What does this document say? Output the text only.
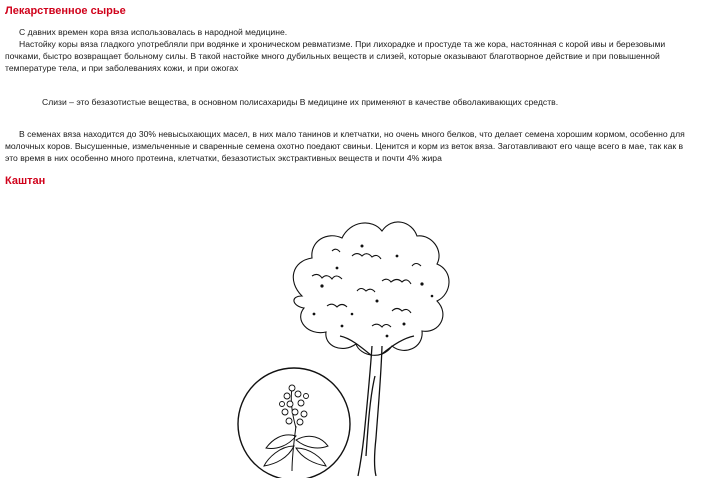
Лекарственное сырье

С давних времен кора вяза использовалась в народной медицине.
Настойку коры вяза гладкого употребляли при водянке и хроническом ревматизме. При лихорадке и простуде та же кора, настоянная с корой ивы и березовыми
почками, быстро возвращает больному силы. В такой настойке много дубильных веществ и слизей, которые оказывают благотворное действие и при повышенной
температуре тела, и при заболеваниях кожи, и при ожогах

Слизи – это безазотистые вещества, в основном полисахариды В медицине их применяют в качестве обволакивающих средств.

В семенах вяза находится до 30% невысыхающих масел, в них мало танинов и клетчатки, но очень много белков, что делает семена хорошим кормом, особенно для
молочных коров. Высушенные, измельченные и сваренные семена охотно поедают свиньи. Ценится и корм из веток вяза. Заготавливают его чаще всего в мае, так как в
это время в них особенно много протеина, клетчатки, безазотистых экстрактивных веществ и почти 4% жира

Каштан
